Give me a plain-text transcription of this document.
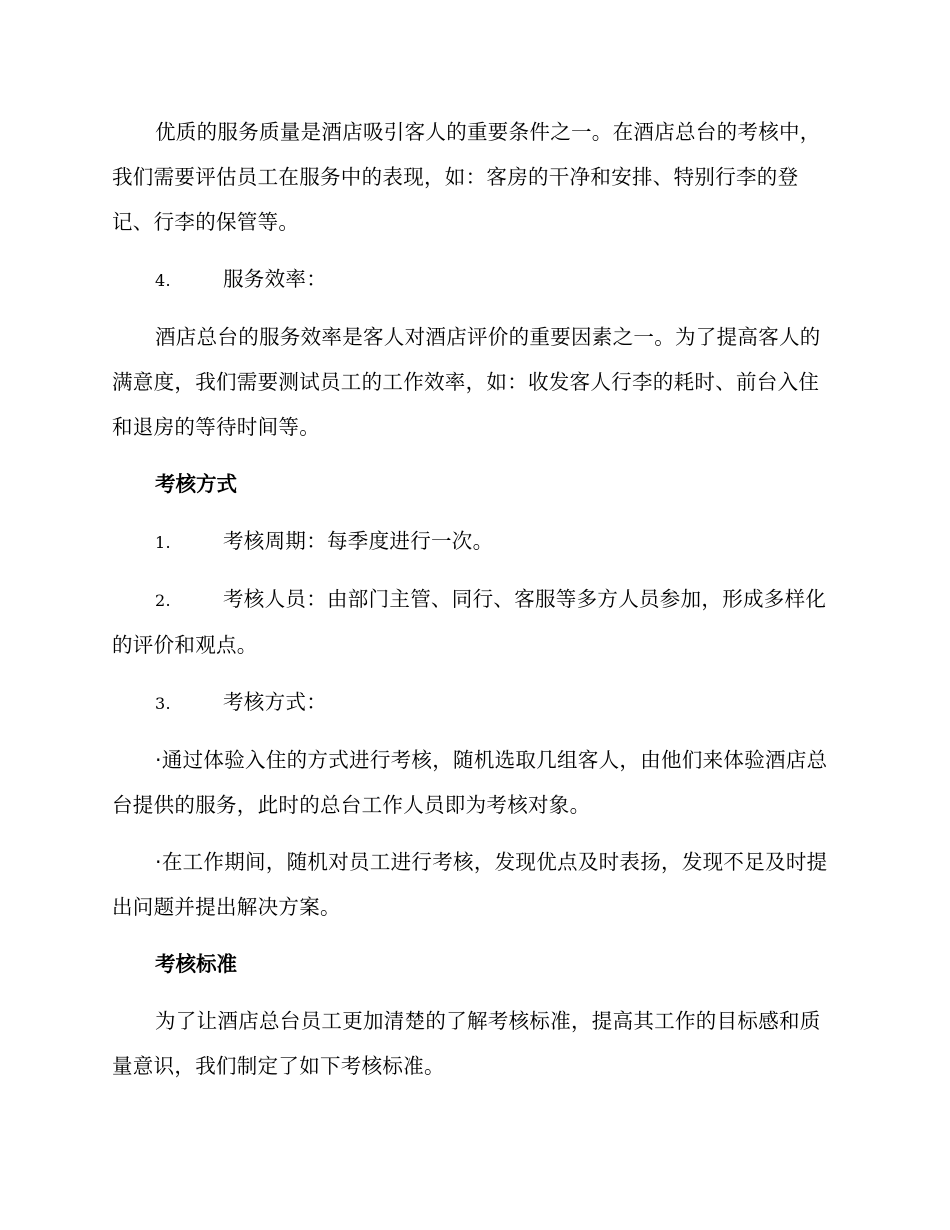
优质的服务质量是酒店吸引客人的重要条件之一。在酒店总台的考核中，我们需要评估员工在服务中的表现，如：客房的干净和安排、特别行李的登记、行李的保管等。

4.	服务效率：

酒店总台的服务效率是客人对酒店评价的重要因素之一。为了提高客人的满意度，我们需要测试员工的工作效率，如：收发客人行李的耗时、前台入住和退房的等待时间等。

考核方式

1.	考核周期：每季度进行一次。

2.	考核人员：由部门主管、同行、客服等多方人员参加，形成多样化的评价和观点。

3.	考核方式：

·通过体验入住的方式进行考核，随机选取几组客人，由他们来体验酒店总台提供的服务，此时的总台工作人员即为考核对象。

·在工作期间，随机对员工进行考核，发现优点及时表扬，发现不足及时提出问题并提出解决方案。

考核标准

为了让酒店总台员工更加清楚的了解考核标准，提高其工作的目标感和质量意识，我们制定了如下考核标准。
